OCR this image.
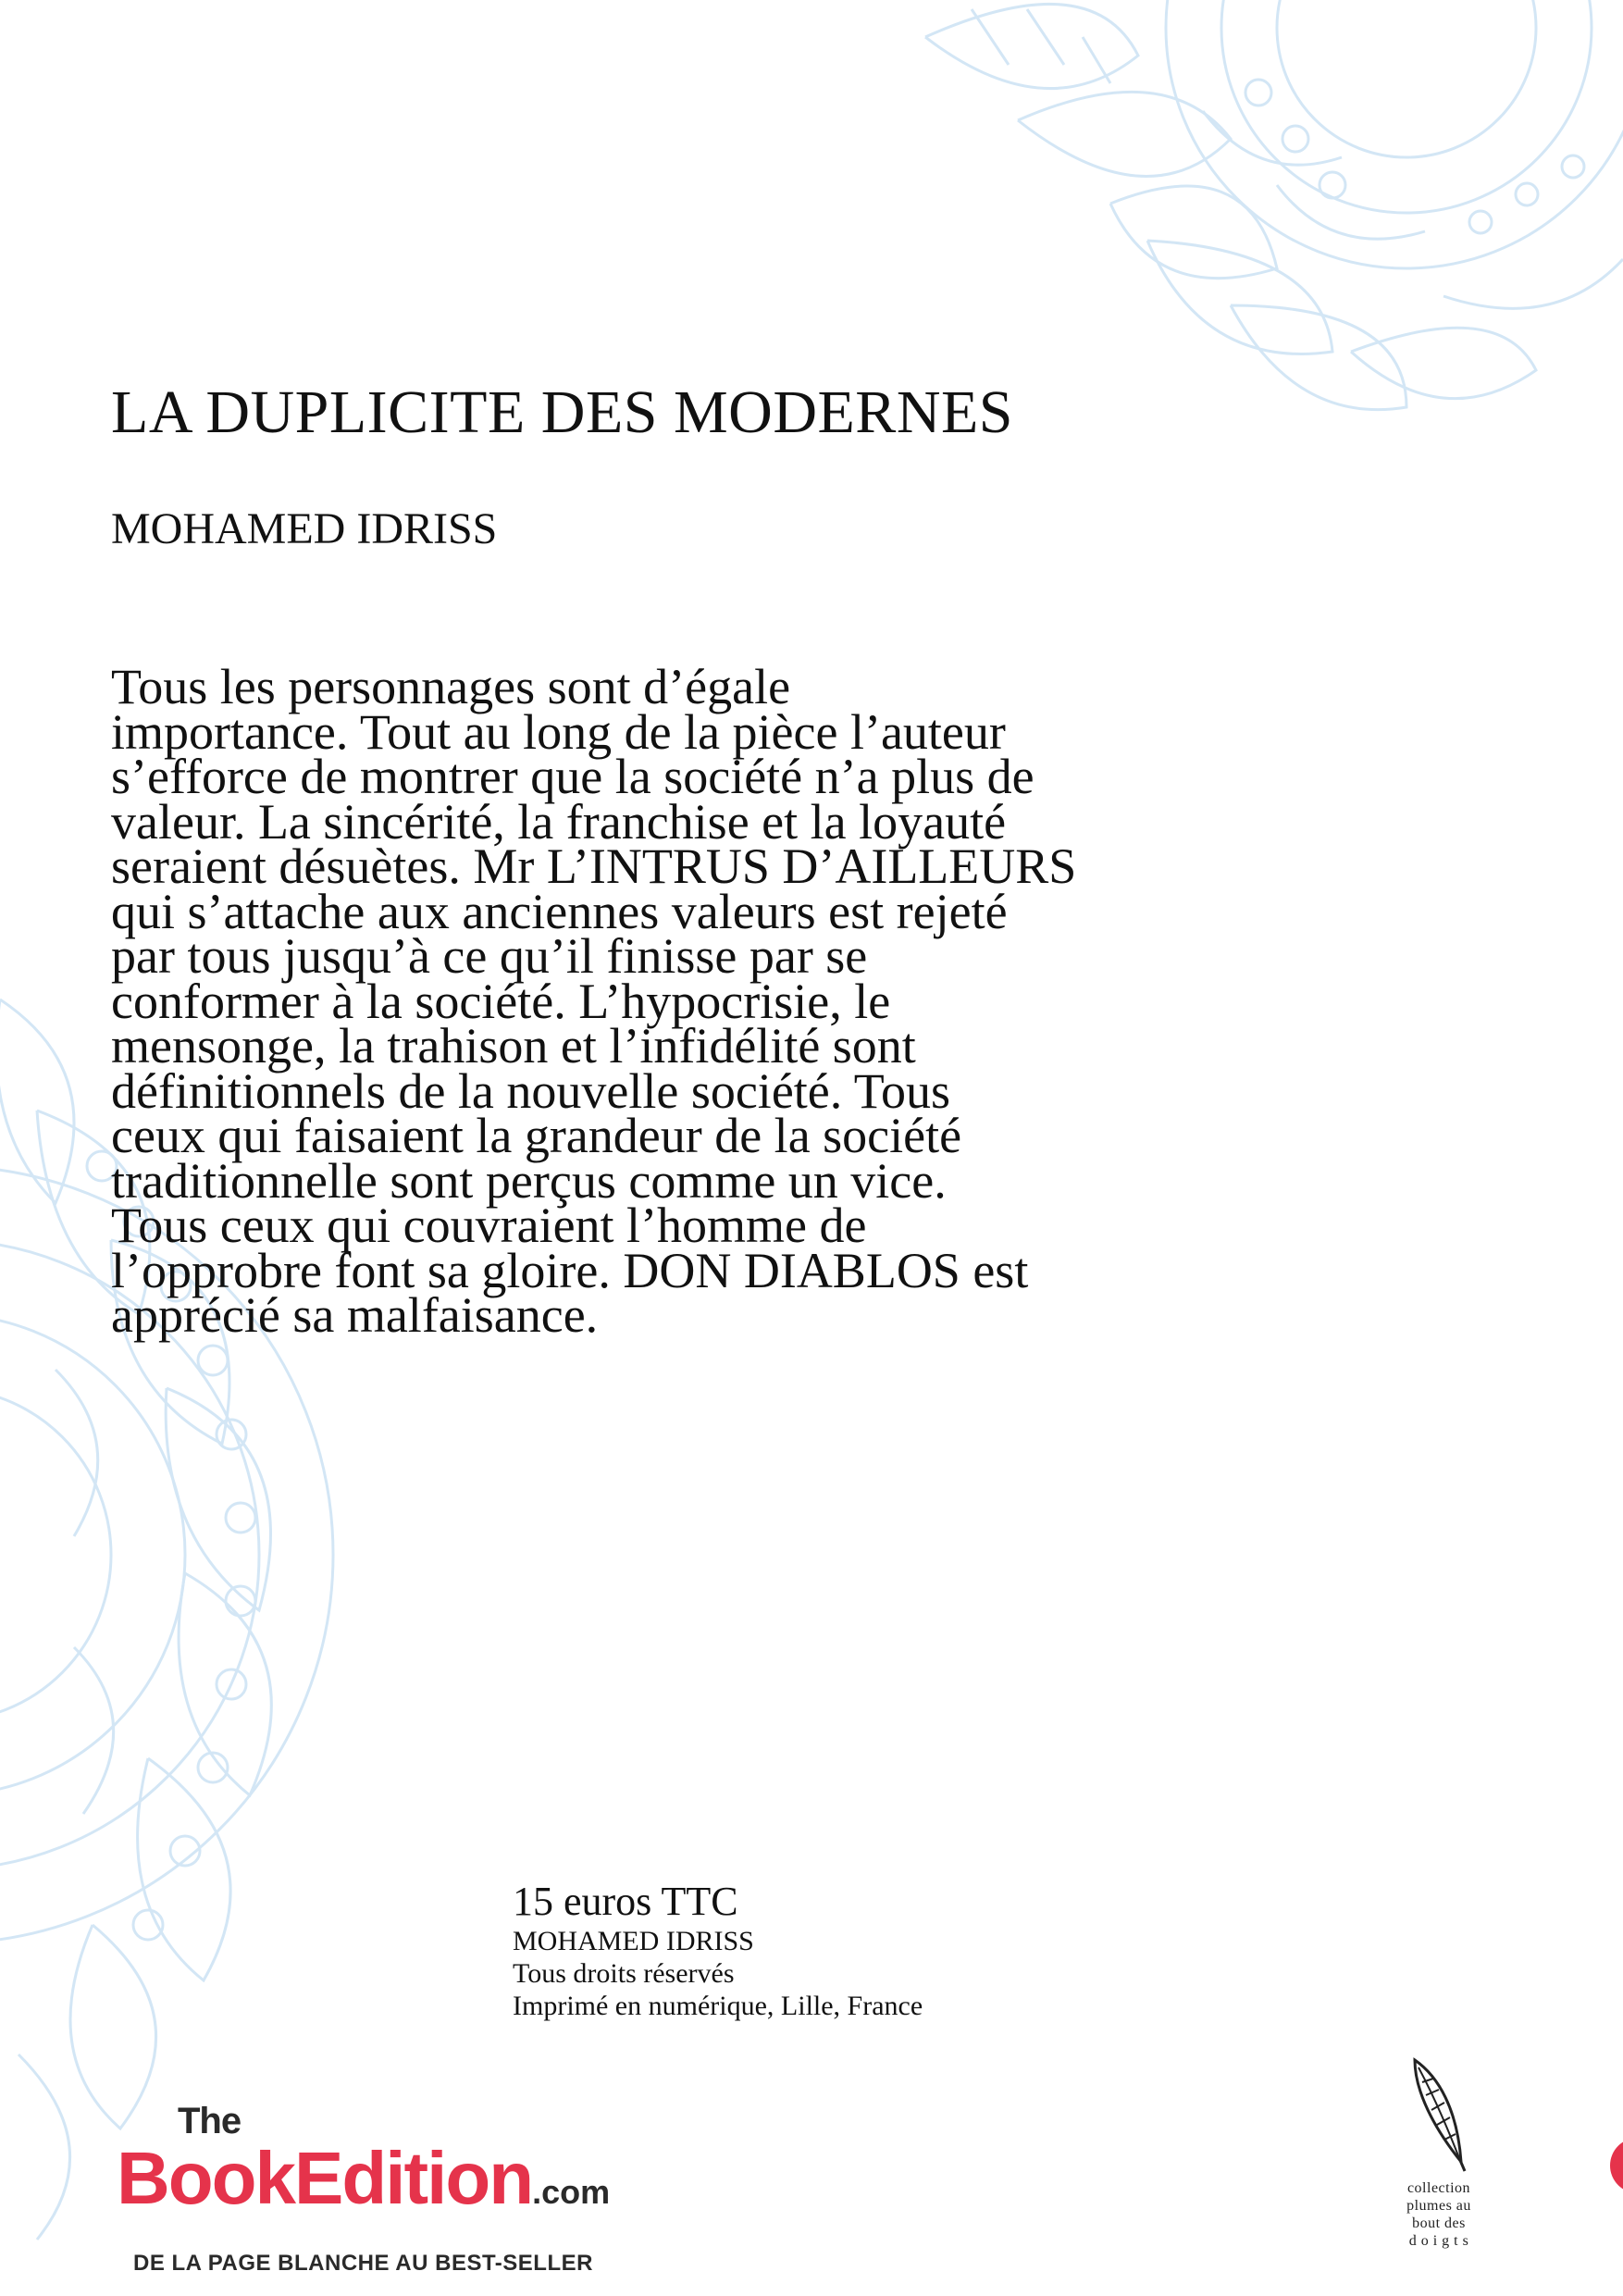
LA DUPLICITE DES MODERNES
MOHAMED IDRISS
Tous les personnages sont d’égale
importance. Tout au long de la pièce l’auteur
s’efforce de montrer que la société n’a plus de
valeur. La sincérité, la franchise et la loyauté
seraient désuètes. Mr L’INTRUS D’AILLEURS
qui s’attache aux anciennes valeurs est rejeté
par tous jusqu’à ce qu’il finisse par se
conformer à la société. L’hypocrisie, le
mensonge, la trahison et l’infidélité sont
définitionnels de la nouvelle société. Tous
ceux qui faisaient la grandeur de la société
traditionnelle sont perçus comme un vice.
Tous ceux qui couvraient l’homme de
l’opprobre font sa gloire. DON DIABLOS est
apprécié sa malfaisance.
15 euros TTC
MOHAMED IDRISS
Tous droits réservés
Imprimé en numérique, Lille, France
The
BookEdition.com
DE LA PAGE BLANCHE AU BEST-SELLER
collection
plumes au
bout des
d o i g t s
